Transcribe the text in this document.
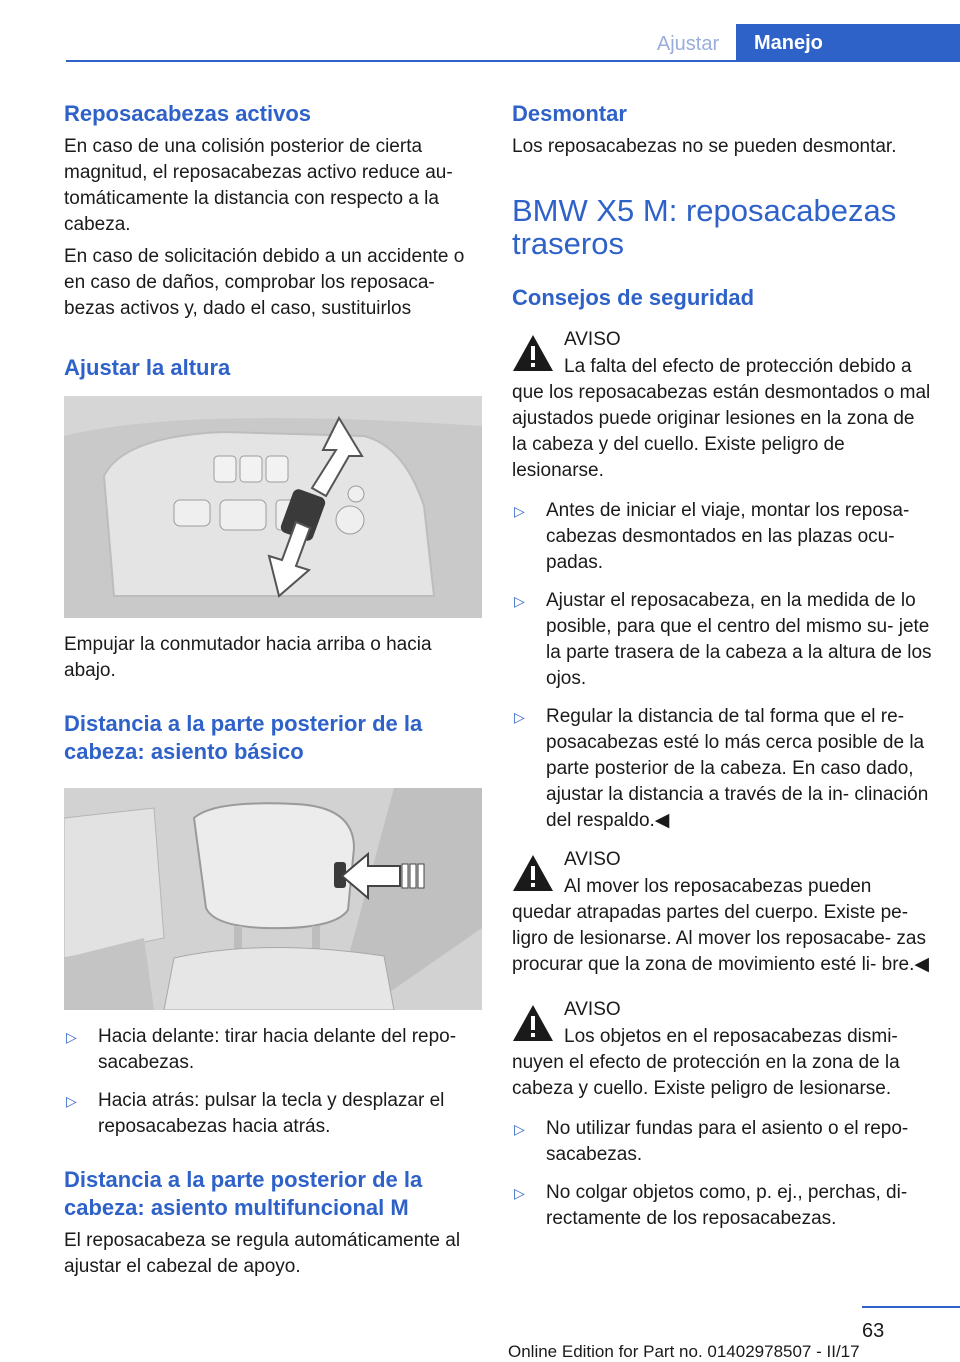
Ajustar	Manejo
Reposacabezas activos

En caso de una colisión posterior de cierta magnitud, el reposacabezas activo reduce au‐ tomáticamente la distancia con respecto a la cabeza.

En caso de solicitación debido a un accidente o en caso de daños, comprobar los reposaca‐ bezas activos y, dado el caso, sustituirlos

Ajustar la altura

Empujar la conmutador hacia arriba o hacia abajo.

Distancia a la parte posterior de la cabeza: asiento básico
▷ Hacia delante: tirar hacia delante del repo‐ sacabezas.
▷ Hacia atrás: pulsar la tecla y desplazar el reposacabezas hacia atrás.
Distancia a la parte posterior de la cabeza: asiento multifuncional M

El reposacabeza se regula automáticamente al ajustar el cabezal de apoyo.

Desmontar

Los reposacabezas no se pueden desmontar.

BMW X5 M: reposacabezas traseros
Consejos de seguridad
AVISO

La falta del efecto de protección debido a que los reposacabezas están desmontados o mal ajustados puede originar lesiones en la zona de la cabeza y del cuello. Existe peligro de lesionarse.

▷ Antes de iniciar el viaje, montar los reposa‐ cabezas desmontados en las plazas ocu‐ padas.
▷ Ajustar el reposacabeza, en la medida de lo posible, para que el centro del mismo su‐ jete la parte trasera de la cabeza a la altura de los ojos.
▷ Regular la distancia de tal forma que el re‐ posacabezas esté lo más cerca posible de la parte posterior de la cabeza. En caso dado, ajustar la distancia a través de la in‐ clinación del respaldo.◀
AVISO

Al mover los reposacabezas pueden quedar atrapadas partes del cuerpo. Existe pe‐ ligro de lesionarse. Al mover los reposacabe‐ zas procurar que la zona de movimiento esté li‐ bre.◀

AVISO

Los objetos en el reposacabezas dismi‐ nuyen el efecto de protección en la zona de la cabeza y cuello. Existe peligro de lesionarse.

▷ No utilizar fundas para el asiento o el repo‐ sacabezas.
▷ No colgar objetos como, p. ej., perchas, di‐ rectamente de los reposacabezas.
63
Online Edition for Part no. 01402978507 - II/17
